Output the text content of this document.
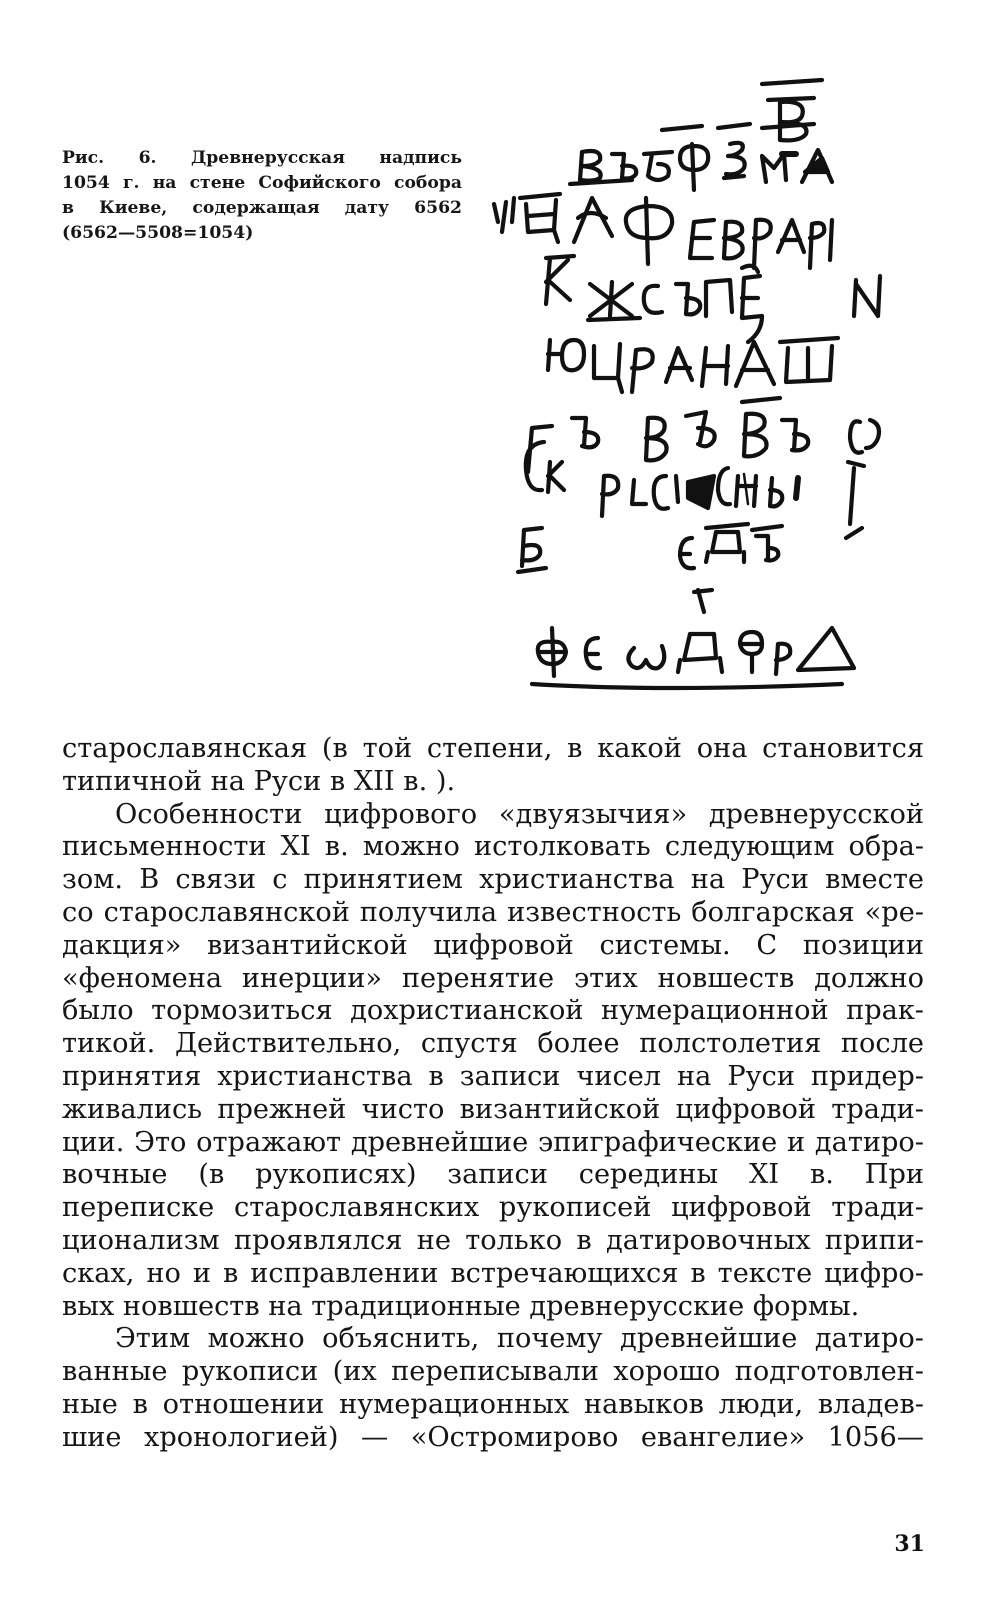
Рис. 6. Древнерусская надпись
1054 г. на стене Софийского собора
в Киеве, содержащая дату 6562
(6562—5508=1054)
старославянская (в той степени, в какой она становится
типичной на Руси в XII в. ).
Особенности цифрового «двуязычия» древнерусской
письменности XI в. можно истолковать следующим обра-
зом. В связи с принятием христианства на Руси вместе
со старославянской получила известность болгарская «ре-
дакция» византийской цифровой системы. С позиции
«феномена инерции» перенятие этих новшеств должно
было тормозиться дохристианской нумерационной прак-
тикой. Действительно, спустя более полстолетия после
принятия христианства в записи чисел на Руси придер-
живались прежней чисто византийской цифровой тради-
ции. Это отражают древнейшие эпиграфические и датиро-
вочные (в рукописях) записи середины XI в. При
переписке старославянских рукописей цифровой тради-
ционализм проявлялся не только в датировочных припи-
сках, но и в исправлении встречающихся в тексте цифро-
вых новшеств на традиционные древнерусские формы.
Этим можно объяснить, почему древнейшие датиро-
ванные рукописи (их переписывали хорошо подготовлен-
ные в отношении нумерационных навыков люди, владев-
шие хронологией) — «Остромирово евангелие» 1056—
31
